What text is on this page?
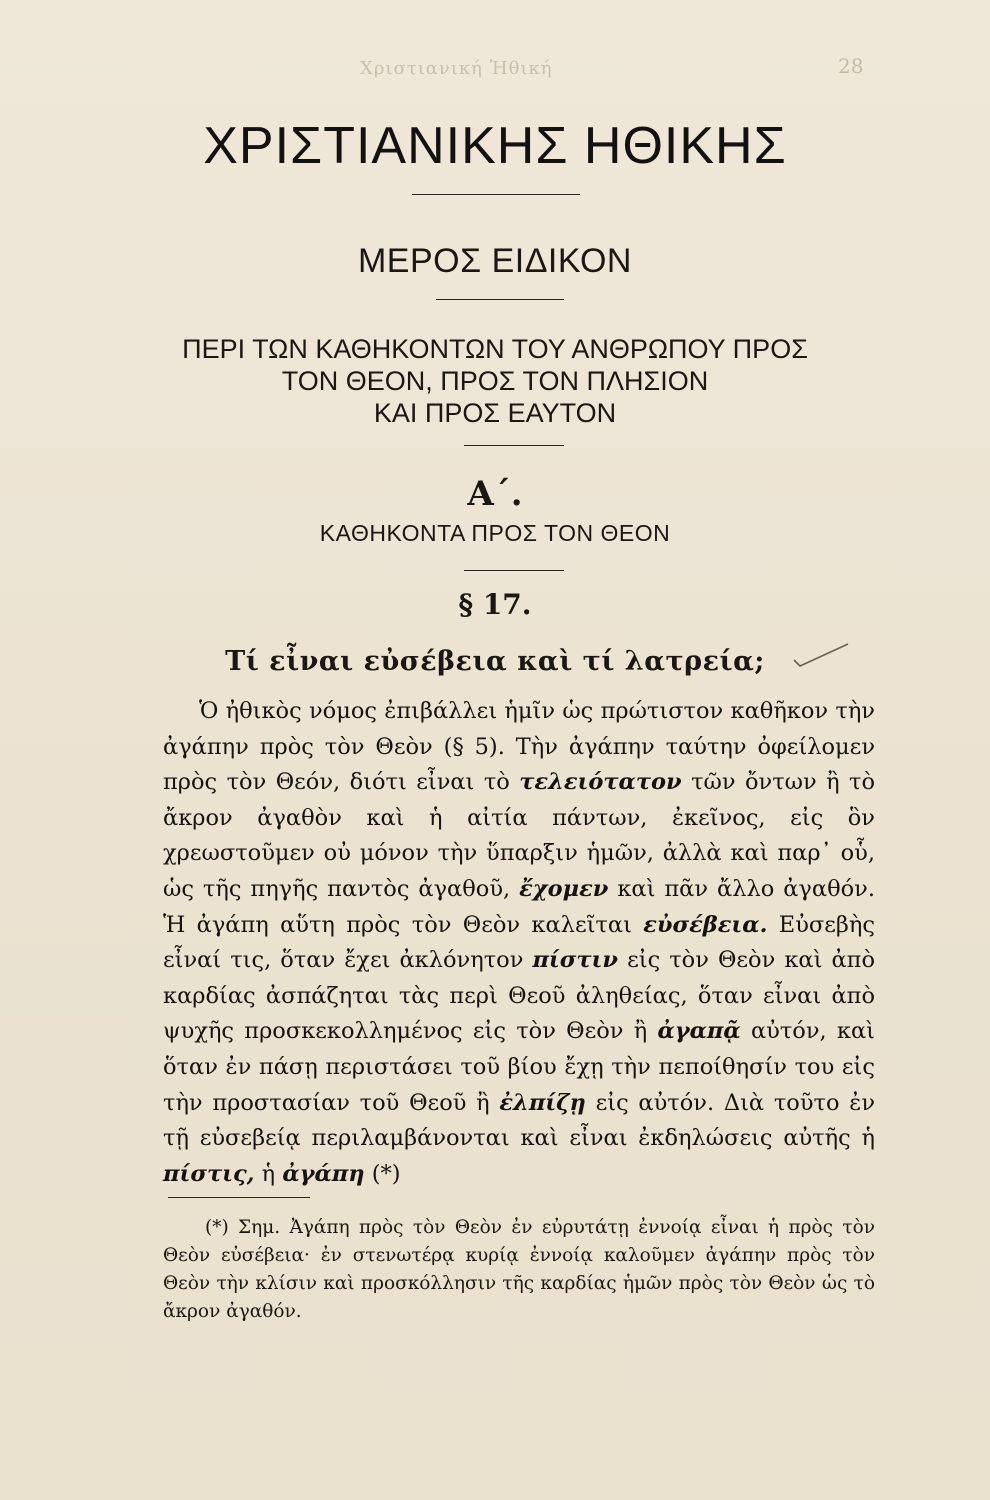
Χριστιανική Ἠθική	28
ΧΡΙΣΤΙΑΝΙΚΗΣ ΗΘΙΚΗΣ
ΜΕΡΟΣ ΕΙΔΙΚΟΝ
ΠΕΡΙ ΤΩΝ ΚΑΘΗΚΟΝΤΩΝ ΤΟΥ ΑΝΘΡΩΠΟΥ ΠΡΟΣ
ΤΟΝ ΘΕΟΝ, ΠΡΟΣ ΤΟΝ ΠΛΗΣΙΟΝ
ΚΑΙ ΠΡΟΣ ΕΑΥΤΟΝ
Α΄.
ΚΑΘΗΚΟΝΤΑ ΠΡΟΣ ΤΟΝ ΘΕΟΝ
§ 17.
Τί εἶναι εὐσέβεια καὶ τί λατρεία;
Ὁ ἠθικὸς νόμος ἐπιβάλλει ἡμῖν ὡς πρώτιστον καθῆκον τὴν ἀγάπην πρὸς τὸν Θεὸν (§ 5). Τὴν ἀγάπην ταύτην ὀφείλομεν πρὸς τὸν Θεόν, διότι εἶναι τὸ τελειότατον τῶν ὄντων ἢ τὸ ἄκρον ἀγαθὸν καὶ ἡ αἰτία πάντων, ἐκεῖνος, εἰς ὃν χρεωστοῦμεν οὐ μόνον τὴν ὕπαρξιν ἡμῶν, ἀλλὰ καὶ παρ᾿ οὗ, ὡς τῆς πηγῆς παντὸς ἀγαθοῦ, ἔχομεν καὶ πᾶν ἄλλο ἀγαθόν. Ἡ ἀγάπη αὕτη πρὸς τὸν Θεὸν καλεῖται εὐσέβεια. Εὐσεβὴς εἶναί τις, ὅταν ἔχει ἀκλόνητον πίστιν εἰς τὸν Θεὸν καὶ ἀπὸ καρδίας ἀσπάζηται τὰς περὶ Θεοῦ ἀληθείας, ὅταν εἶναι ἀπὸ ψυχῆς προσκεκολλημένος εἰς τὸν Θεὸν ἢ ἀγαπᾷ αὐτόν, καὶ ὅταν ἐν πάσῃ περιστάσει τοῦ βίου ἔχῃ τὴν πεποίθησίν του εἰς τὴν προστασίαν τοῦ Θεοῦ ἢ ἐλπίζῃ εἰς αὐτόν. Διὰ τοῦτο ἐν τῇ εὐσεβείᾳ περιλαμβάνονται καὶ εἶναι ἐκδηλώσεις αὐτῆς ἡ πίστις, ἡ ἀγάπη (*)
(*) Σημ. Ἀγάπη πρὸς τὸν Θεὸν ἐν εὐρυτάτῃ ἐννοίᾳ εἶναι ἡ πρὸς τὸν Θεὸν εὐσέβεια· ἐν στενωτέρᾳ κυρίᾳ ἐννοίᾳ καλοῦμεν ἀγάπην πρὸς τὸν Θεὸν τὴν κλίσιν καὶ προσκόλλησιν τῆς καρδίας ἡμῶν πρὸς τὸν Θεὸν ὡς τὸ ἄκρον ἀγαθόν.
